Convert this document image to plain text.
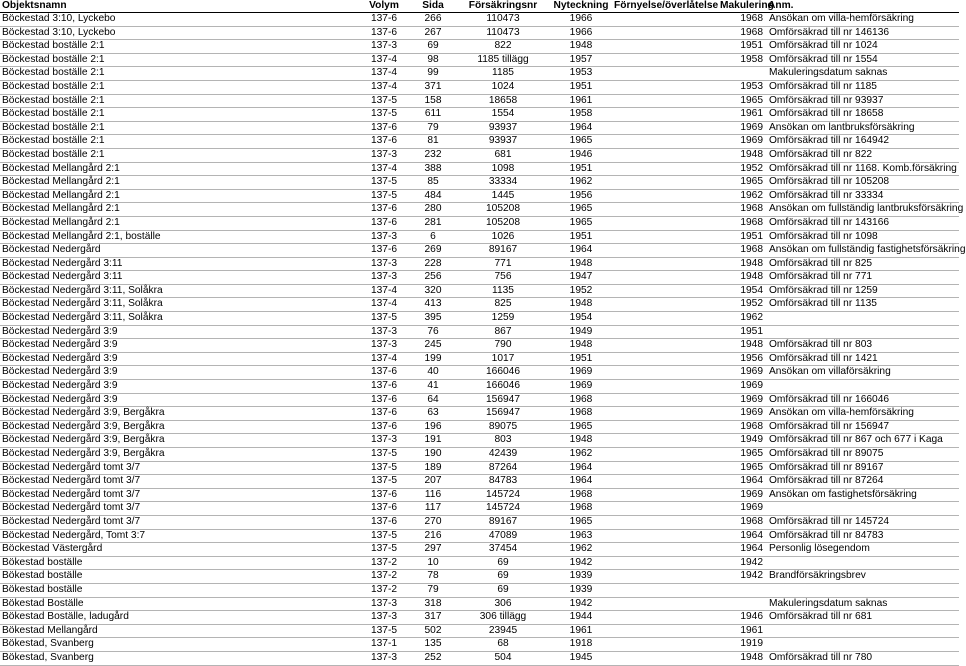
Objektsnamn	Volym	Sida	Försäkringsnr	Nyteckning	Förnyelse/överlåtelse	Makulering	Anm.
Böckestad 3:10, Lyckebo	137-6	266	110473	1966		1968	Ansökan om villa-hemförsäkring
Böckestad 3:10, Lyckebo	137-6	267	110473	1966		1968	Omförsäkrad till nr 146136
Böckestad boställe 2:1	137-3	69	822	1948		1951	Omförsäkrad till nr 1024
Böckestad boställe 2:1	137-4	98	1185 tillägg	1957		1958	Omförsäkrad till nr 1554
Böckestad boställe 2:1	137-4	99	1185	1953			Makuleringsdatum saknas
Böckestad boställe 2:1	137-4	371	1024	1951		1953	Omförsäkrad till nr 1185
Böckestad boställe 2:1	137-5	158	18658	1961		1965	Omförsäkrad till nr 93937
Böckestad boställe 2:1	137-5	611	1554	1958		1961	Omförsäkrad till nr 18658
Böckestad boställe 2:1	137-6	79	93937	1964		1969	Ansökan om lantbruksförsäkring
Böckestad boställe 2:1	137-6	81	93937	1965		1969	Omförsäkrad till nr 164942
Böckestad boställe 2:1	137-3	232	681	1946		1948	Omförsäkrad till nr 822
Böckestad Mellangård 2:1	137-4	388	1098	1951		1952	Omförsäkrad till nr 1168. Komb.försäkring
Böckestad Mellangård 2:1	137-5	85	33334	1962		1965	Omförsäkrad till nr 105208
Böckestad Mellangård 2:1	137-5	484	1445	1956		1962	Omförsäkrad till nr 33334
Böckestad Mellangård 2:1	137-6	280	105208	1965		1968	Ansökan om fullständig lantbruksförsäkring
Böckestad Mellangård 2:1	137-6	281	105208	1965		1968	Omförsäkrad till nr 143166
Böckestad Mellangård 2:1, boställe	137-3	6	1026	1951		1951	Omförsäkrad till nr 1098
Böckestad Nedergård	137-6	269	89167	1964		1968	Ansökan om fullständig fastighetsförsäkring
Böckestad Nedergård 3:11	137-3	228	771	1948		1948	Omförsäkrad till nr 825
Böckestad Nedergård 3:11	137-3	256	756	1947		1948	Omförsäkrad till nr 771
Böckestad Nedergård 3:11, Solåkra	137-4	320	1135	1952		1954	Omförsäkrad till nr 1259
Böckestad Nedergård 3:11, Solåkra	137-4	413	825	1948		1952	Omförsäkrad till nr 1135
Böckestad Nedergård 3:11, Solåkra	137-5	395	1259	1954		1962	
Böckestad Nedergård 3:9	137-3	76	867	1949		1951	
Böckestad Nedergård 3:9	137-3	245	790	1948		1948	Omförsäkrad till nr 803
Böckestad Nedergård 3:9	137-4	199	1017	1951		1956	Omförsäkrad till nr 1421
Böckestad Nedergård 3:9	137-6	40	166046	1969		1969	Ansökan om villaförsäkring
Böckestad Nedergård 3:9	137-6	41	166046	1969		1969	
Böckestad Nedergård 3:9	137-6	64	156947	1968		1969	Omförsäkrad till nr 166046
Böckestad Nedergård 3:9, Bergåkra	137-6	63	156947	1968		1969	Ansökan om villa-hemförsäkring
Böckestad Nedergård 3:9, Bergåkra	137-6	196	89075	1965		1968	Omförsäkrad till nr 156947
Böckestad Nedergård 3:9, Bergåkra	137-3	191	803	1948		1949	Omförsäkrad till nr 867 och 677 i Kaga
Böckestad Nedergård 3:9, Bergåkra	137-5	190	42439	1962		1965	Omförsäkrad till nr 89075
Böckestad Nedergård tomt 3/7	137-5	189	87264	1964		1965	Omförsäkrad till nr 89167
Böckestad Nedergård tomt 3/7	137-5	207	84783	1964		1964	Omförsäkrad till nr 87264
Böckestad Nedergård tomt 3/7	137-6	116	145724	1968		1969	Ansökan om fastighetsförsäkring
Böckestad Nedergård tomt 3/7	137-6	117	145724	1968		1969	
Böckestad Nedergård tomt 3/7	137-6	270	89167	1965		1968	Omförsäkrad till nr 145724
Böckestad Nedergård, Tomt 3:7	137-5	216	47089	1963		1964	Omförsäkrad till nr 84783
Böckestad Västergård	137-5	297	37454	1962		1964	Personlig lösegendom
Bökestad boställe	137-2	10	69	1942		1942	
Bökestad boställe	137-2	78	69	1939		1942	Brandförsäkringsbrev
Bökestad boställe	137-2	79	69	1939			
Bökestad Boställe	137-3	318	306	1942			Makuleringsdatum saknas
Bökestad Boställe, ladugård	137-3	317	306 tillägg	1944		1946	Omförsäkrad till nr 681
Bökestad Mellangård	137-5	502	23945	1961		1961	
Bökestad, Svanberg	137-1	135	68	1918		1919	
Bökestad, Svanberg	137-3	252	504	1945		1948	Omförsäkrad till nr 780
